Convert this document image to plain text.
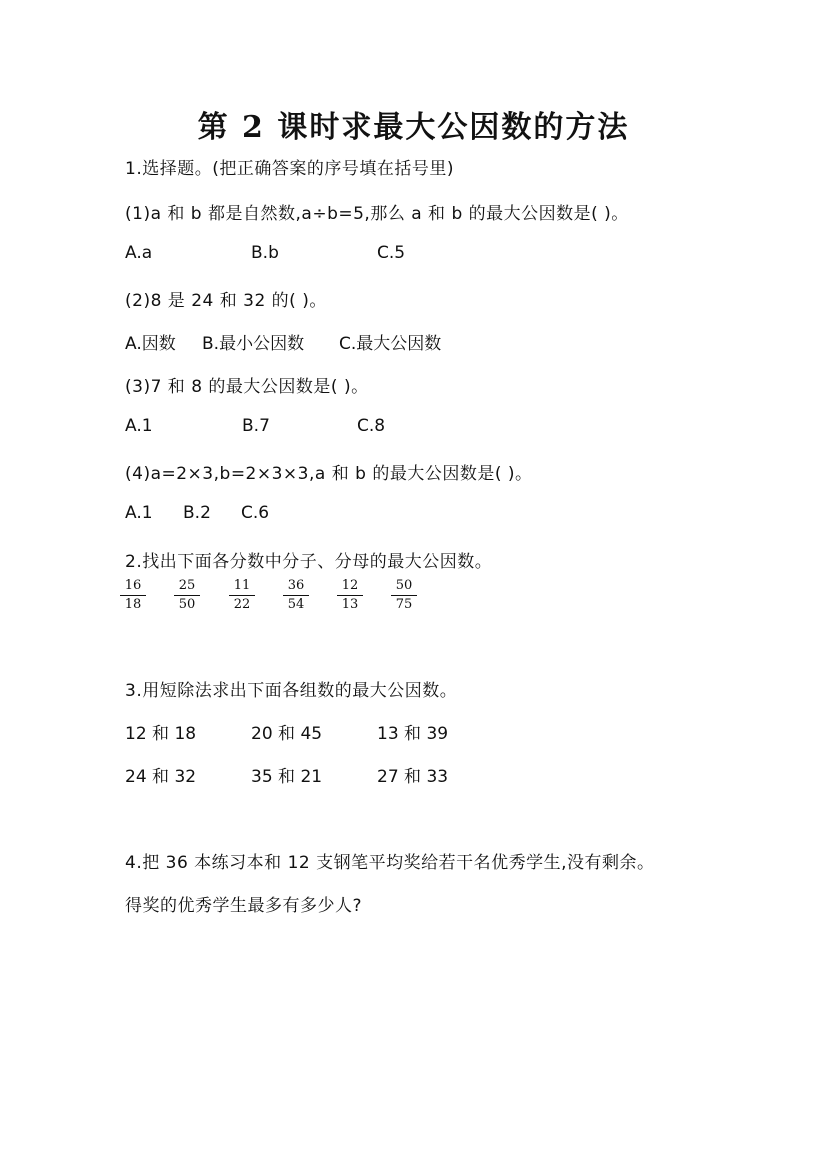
第 2 课时求最大公因数的方法
1.选择题。(把正确答案的序号填在括号里)
(1)a 和 b 都是自然数,a÷b=5,那么 a 和 b 的最大公因数是( )。
A.a	B.b	C.5
(2)8 是 24 和 32 的( )。
A.因数 B.最小公因数 C.最大公因数
(3)7 和 8 的最大公因数是( )。
A.1	B.7	C.8
(4)a=2×3,b=2×3×3,a 和 b 的最大公因数是( )。
A.1 B.2 C.6
2.找出下面各分数中分子、分母的最大公因数。
16
18
25
50
11
22
36
54
12
13
50
75
3.用短除法求出下面各组数的最大公因数。
12 和 18	20 和 45	13 和 39
24 和 32	35 和 21	27 和 33
4.把 36 本练习本和 12 支钢笔平均奖给若干名优秀学生,没有剩余。
得奖的优秀学生最多有多少人?
